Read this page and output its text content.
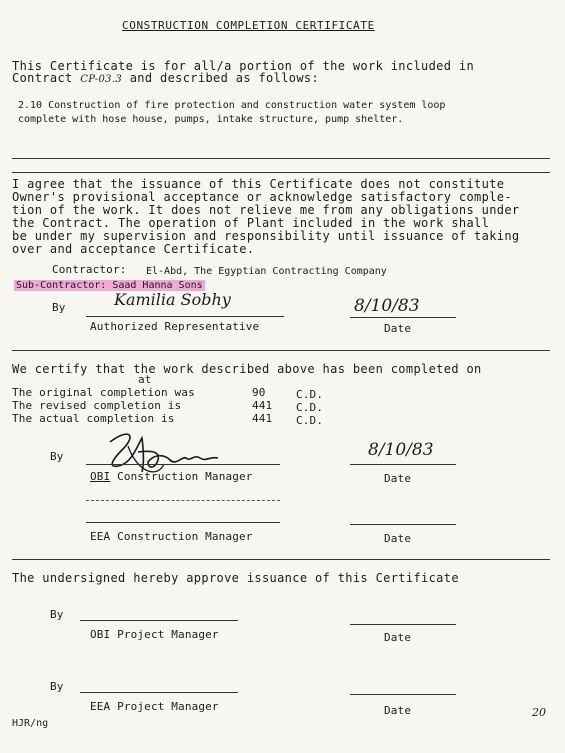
CONSTRUCTION COMPLETION CERTIFICATE
This Certificate is for all/a portion of the work included in
Contract CP-03.3 and described as follows:
2.10 Construction of fire protection and construction water system loop
complete with hose house, pumps, intake structure, pump shelter.
I agree that the issuance of this Certificate does not constitute
Owner's provisional acceptance or acknowledge satisfactory comple-
tion of the work. It does not relieve me from any obligations under
the Contract. The operation of Plant included in the work shall
be under my supervision and responsibility until issuance of taking
over and acceptance Certificate.
Contractor: El-Abd, The Egyptian Contracting Company
Sub-Contractor: Saad Hanna Sons
By	Kamilia Sobhy	8/10/83
Authorized Representative	Date
We certify that the work described above has been completed on
at
The original completion was	90	C.D.
The revised completion is	441 C.D.
The actual completion is	441 C.D.
By	8/10/83
OBI Construction Manager	Date
EEA Construction Manager	Date
The undersigned hereby approve issuance of this Certificate
By
OBI Project Manager	Date
By
EEA Project Manager	Date
HJR/ng
20
